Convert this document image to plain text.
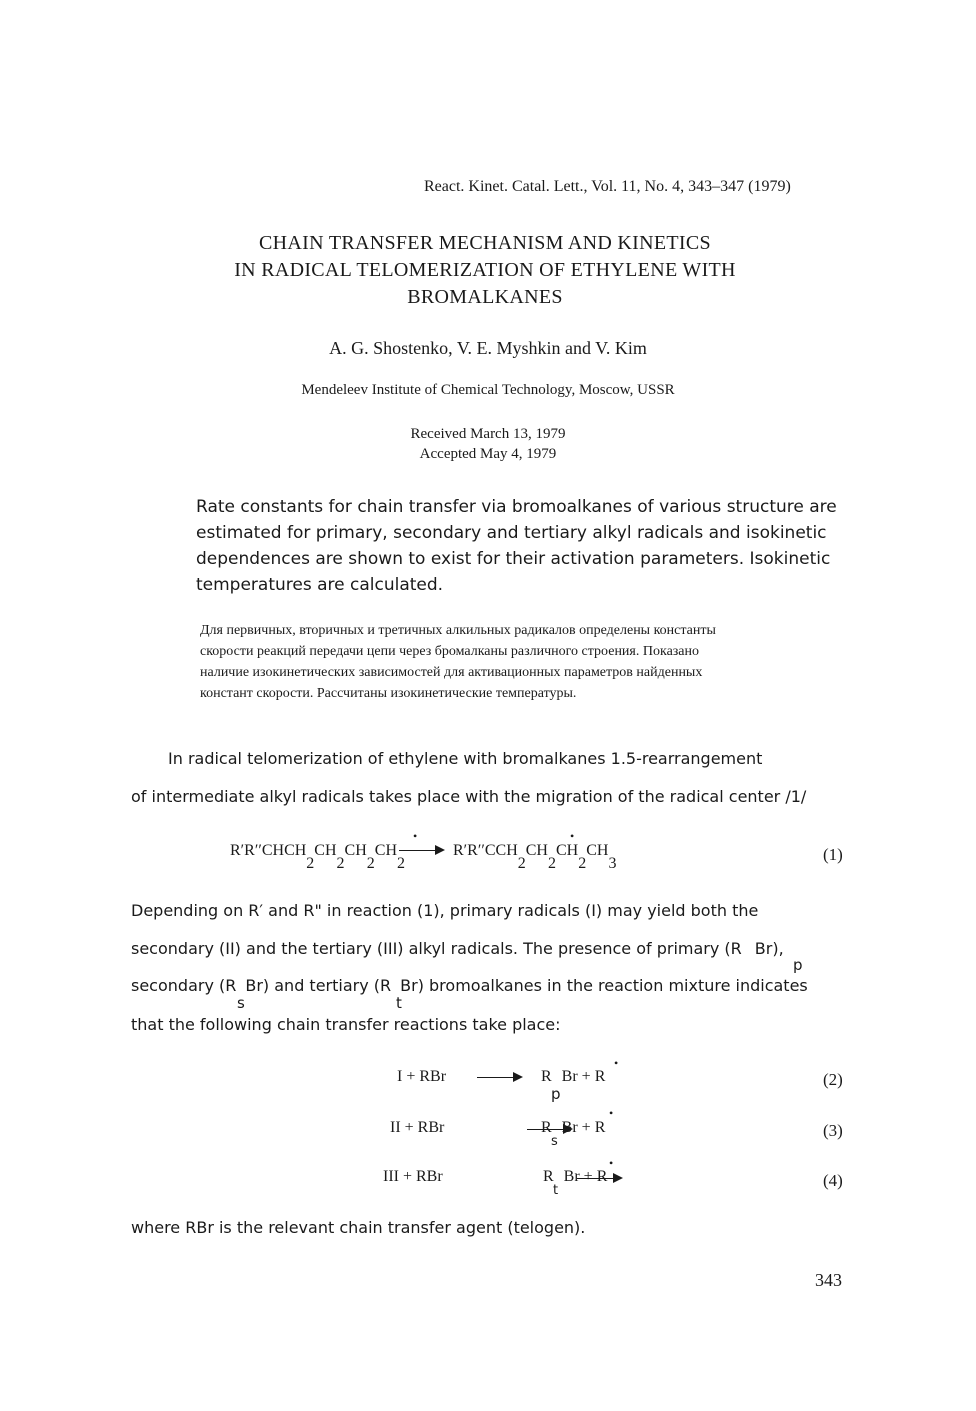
React. Kinet. Catal. Lett., Vol. 11, No. 4, 343–347 (1979)
CHAIN TRANSFER MECHANISM AND KINETICS
IN RADICAL TELOMERIZATION OF ETHYLENE WITH
BROMALKANES
A. G. Shostenko, V. E. Myshkin and V. Kim
Mendeleev Institute of Chemical Technology, Moscow, USSR
Received March 13, 1979
Accepted May 4, 1979
Rate constants for chain transfer via bromoalkanes of various structure are
estimated for primary, secondary and tertiary alkyl radicals and isokinetic
dependences are shown to exist for their activation parameters. Isokinetic
temperatures are calculated.
Для первичных, вторичных и третичных алкильных радикалов определены константы
скорости реакций передачи цепи через бромалканы различного строения. Показано
наличие изокинетических зависимостей для активационных параметров найденных
констант скорости. Рассчитаны изокинетические температуры.
In radical telomerization of ethylene with bromalkanes 1.5-rearrangement
of intermediate alkyl radicals takes place with the migration of the radical center /1/
R′R′′CHCH2CH2CH2CH2
R′R′′CCH2CH2CH2CH3
•	•
(1)
Depending on R′ and R" in reaction (1), primary radicals (I) may yield both the
secondary (II) and the tertiary (III) alkyl radicals. The presence of primary (R Br),
p
secondary (R Br) and tertiary (R Br) bromoalkanes in the reaction mixture indicates
s	t
that the following chain transfer reactions take place:
I + RBr
	R Br + R
p
•
(2)
II + RBr
	R Br + R
s
•
(3)
III + RBr	R Br + R
t
•
(4)
where RBr is the relevant chain transfer agent (telogen).
343
